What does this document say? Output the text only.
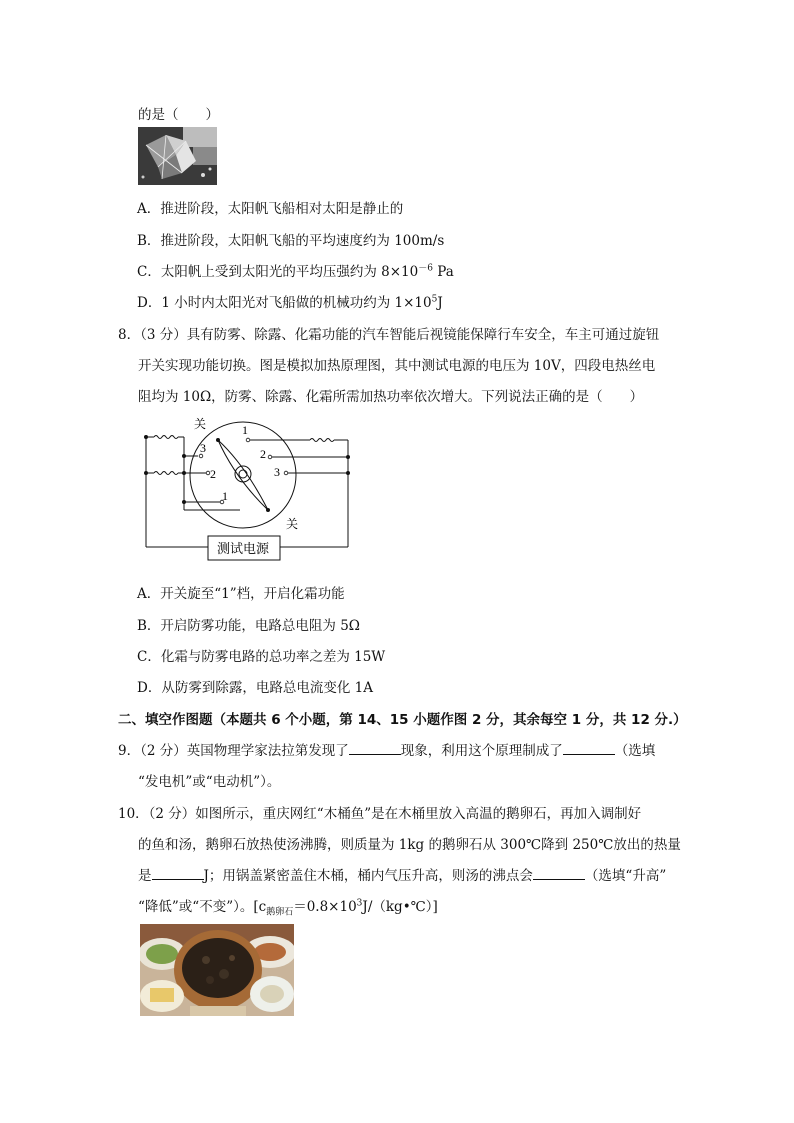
的是（　　）
A．推进阶段，太阳帆飞船相对太阳是静止的
B．推进阶段，太阳帆飞船的平均速度约为 100m/s
C．太阳帆上受到太阳光的平均压强约为 $8\times 10^{-6}$ Pa
D．1 小时内太阳光对飞船做的机械功约为 $1\times 10^5J$
8．（3 分）具有防雾、除露、化霜功能的汽车智能后视镜能保障行车安全，车主可通过旋钮
开关实现功能切换。图是模拟加热原理图，其中测试电源的电压为 10V，四段电热丝电
阻均为 10Ω，防雾、除露、化霜所需加热功率依次增大。下列说法正确的是（　　）
关
3
2
1
1
2
3
关
测试电源
A．开关旋至“1”档，开启化霜功能
B．开启防雾功能，电路总电阻为 5Ω
C．化霜与防雾电路的总功率之差为 15W
D．从防雾到除露，电路总电流变化 1A
二、填空作图题（本题共 6 个小题，第 14、15 小题作图 2 分，其余每空 1 分，共 12 分.）
9．（2 分）英国物理学家法拉第发现了	现象，利用这个原理制成了	（选填
“发电机”或“电动机”）。
10．（2 分）如图所示，重庆网红“木桶鱼”是在木桶里放入高温的鹅卵石，再加入调制好
的鱼和汤，鹅卵石放热使汤沸腾，则质量为 1kg 的鹅卵石从 300℃降到 250℃放出的热量
是	J；用锅盖紧密盖住木桶，桶内气压升高，则汤的沸点会	（选填“升高”
“降低”或“不变”）。$[c_{鹅卵石}=0.8\times 10^3J/(kg•℃)]$
